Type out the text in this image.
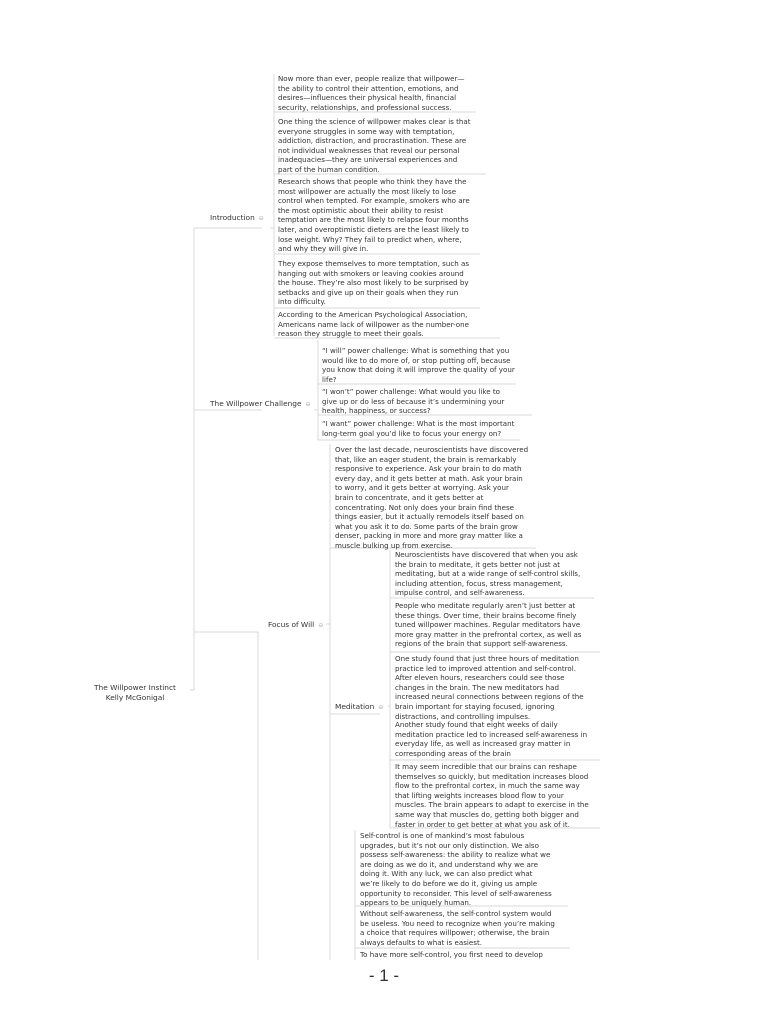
The Willpower Instinct
Kelly McGonigal
Introduction ⊖

Now more than ever, people realize that willpower—
the ability to control their attention, emotions, and
desires—influences their physical health, financial
security, relationships, and professional success.

One thing the science of willpower makes clear is that
everyone struggles in some way with temptation,
addiction, distraction, and procrastination. These are
not individual weaknesses that reveal our personal
inadequacies—they are universal experiences and
part of the human condition.

Research shows that people who think they have the
most willpower are actually the most likely to lose
control when tempted. For example, smokers who are
the most optimistic about their ability to resist
temptation are the most likely to relapse four months
later, and overoptimistic dieters are the least likely to
lose weight. Why? They fail to predict when, where,
and why they will give in.

They expose themselves to more temptation, such as
hanging out with smokers or leaving cookies around
the house. They’re also most likely to be surprised by
setbacks and give up on their goals when they run
into difficulty.

According to the American Psychological Association,
Americans name lack of willpower as the number-one
reason they struggle to meet their goals.

The Willpower Challenge ⊖

“I will” power challenge: What is something that you
would like to do more of, or stop putting off, because
you know that doing it will improve the quality of your
life?

“I won’t” power challenge: What would you like to
give up or do less of because it’s undermining your
health, happiness, or success?

“I want” power challenge: What is the most important
long-term goal you’d like to focus your energy on?

Focus of Will ⊖

Over the last decade, neuroscientists have discovered
that, like an eager student, the brain is remarkably
responsive to experience. Ask your brain to do math
every day, and it gets better at math. Ask your brain
to worry, and it gets better at worrying. Ask your
brain to concentrate, and it gets better at
concentrating. Not only does your brain find these
things easier, but it actually remodels itself based on
what you ask it to do. Some parts of the brain grow
denser, packing in more and more gray matter like a
muscle bulking up from exercise.

Meditation ⊖

Neuroscientists have discovered that when you ask
the brain to meditate, it gets better not just at
meditating, but at a wide range of self-control skills,
including attention, focus, stress management,
impulse control, and self-awareness.

People who meditate regularly aren’t just better at
these things. Over time, their brains become finely
tuned willpower machines. Regular meditators have
more gray matter in the prefrontal cortex, as well as
regions of the brain that support self-awareness.

One study found that just three hours of meditation
practice led to improved attention and self-control.
After eleven hours, researchers could see those
changes in the brain. The new meditators had
increased neural connections between regions of the
brain important for staying focused, ignoring
distractions, and controlling impulses.

Another study found that eight weeks of daily
meditation practice led to increased self-awareness in
everyday life, as well as increased gray matter in
corresponding areas of the brain

It may seem incredible that our brains can reshape
themselves so quickly, but meditation increases blood
flow to the prefrontal cortex, in much the same way
that lifting weights increases blood flow to your
muscles. The brain appears to adapt to exercise in the
same way that muscles do, getting both bigger and
faster in order to get better at what you ask of it.

Self-control is one of mankind’s most fabulous
upgrades, but it’s not our only distinction. We also
possess self-awareness: the ability to realize what we
are doing as we do it, and understand why we are
doing it. With any luck, we can also predict what
we’re likely to do before we do it, giving us ample
opportunity to reconsider. This level of self-awareness
appears to be uniquely human.

Without self-awareness, the self-control system would
be useless. You need to recognize when you’re making
a choice that requires willpower; otherwise, the brain
always defaults to what is easiest.

To have more self-control, you first need to develop

- 1 -
